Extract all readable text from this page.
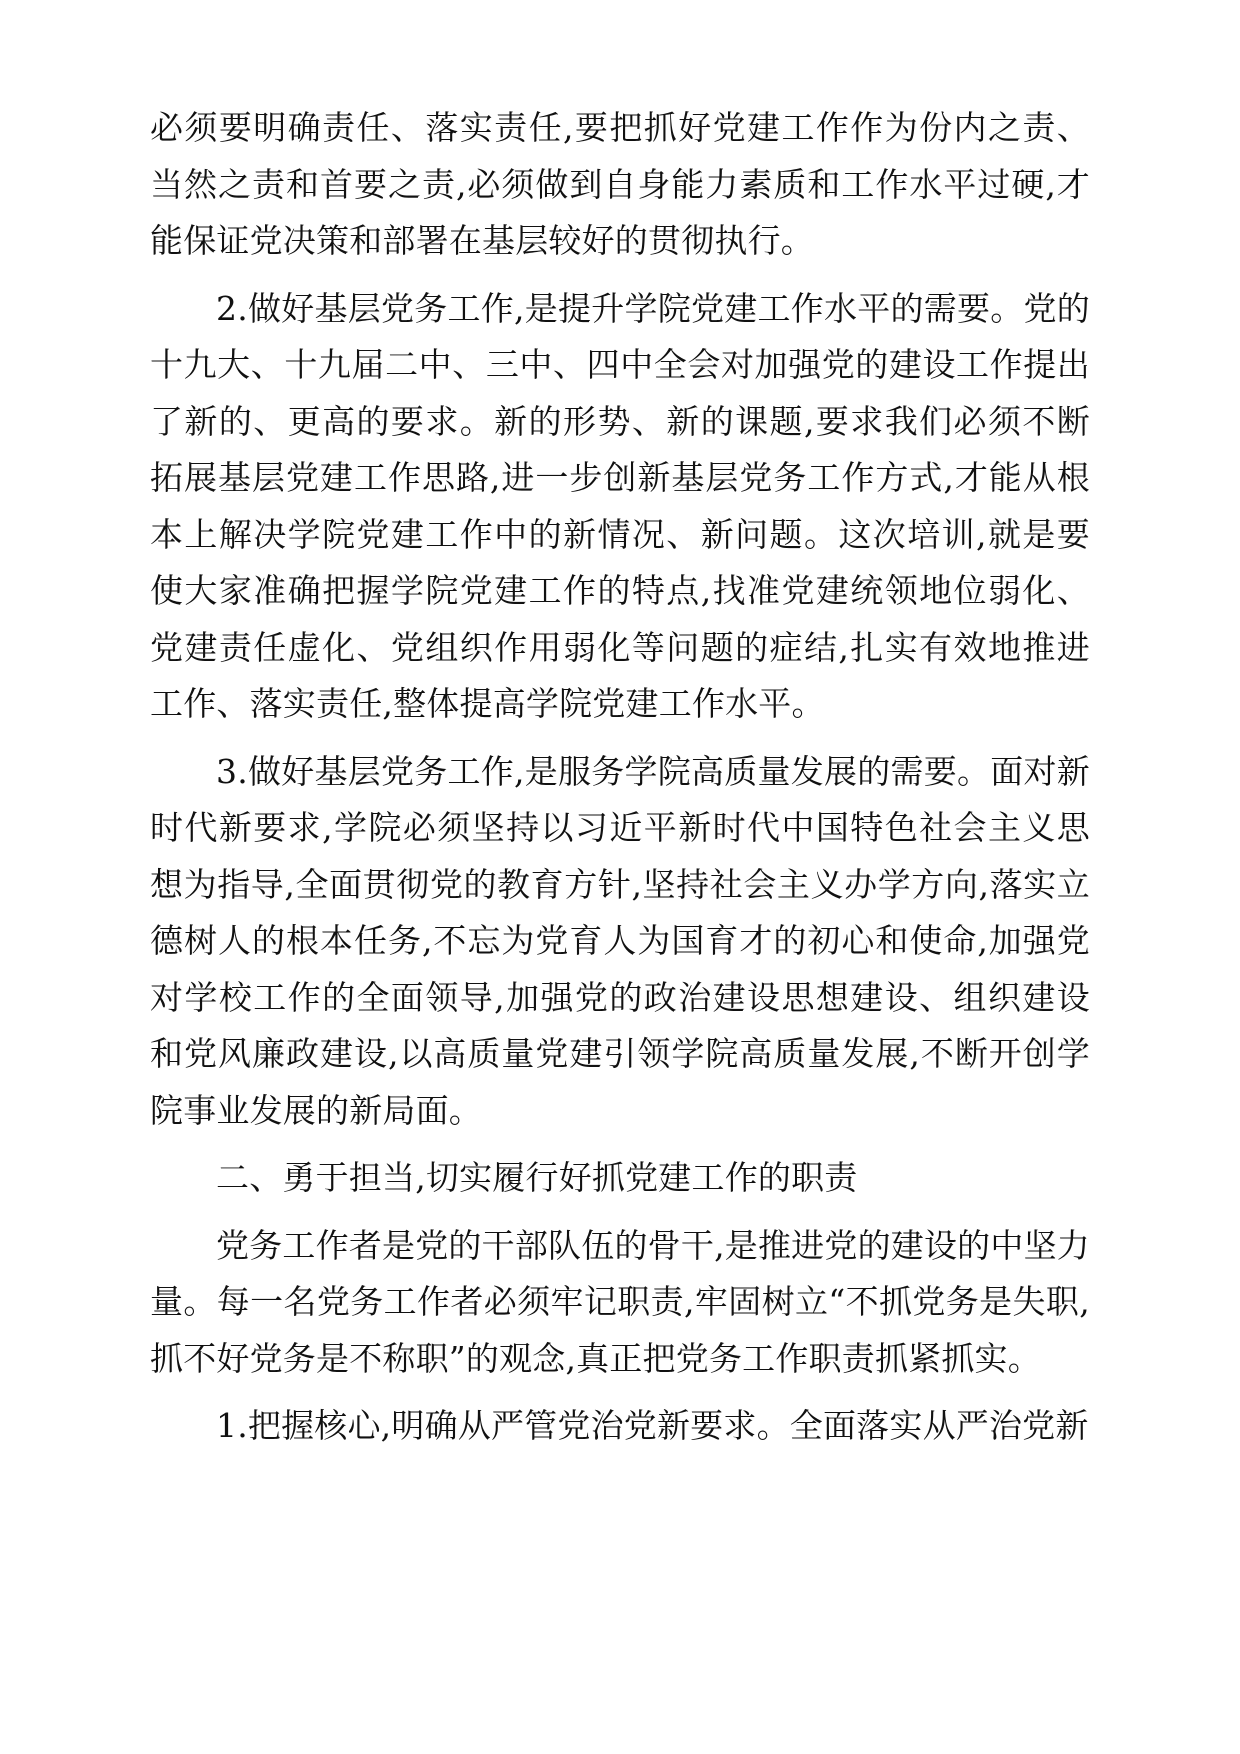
必须要明确责任、落实责任,要把抓好党建工作作为份内之责、当然之责和首要之责,必须做到自身能力素质和工作水平过硬,才能保证党决策和部署在基层较好的贯彻执行。

2.做好基层党务工作,是提升学院党建工作水平的需要。党的十九大、十九届二中、三中、四中全会对加强党的建设工作提出了新的、更高的要求。新的形势、新的课题,要求我们必须不断拓展基层党建工作思路,进一步创新基层党务工作方式,才能从根本上解决学院党建工作中的新情况、新问题。这次培训,就是要使大家准确把握学院党建工作的特点,找准党建统领地位弱化、党建责任虚化、党组织作用弱化等问题的症结,扎实有效地推进工作、落实责任,整体提高学院党建工作水平。

3.做好基层党务工作,是服务学院高质量发展的需要。面对新时代新要求,学院必须坚持以习近平新时代中国特色社会主义思想为指导,全面贯彻党的教育方针,坚持社会主义办学方向,落实立德树人的根本任务,不忘为党育人为国育才的初心和使命,加强党对学校工作的全面领导,加强党的政治建设思想建设、组织建设和党风廉政建设,以高质量党建引领学院高质量发展,不断开创学院事业发展的新局面。

二、勇于担当,切实履行好抓党建工作的职责

党务工作者是党的干部队伍的骨干,是推进党的建设的中坚力量。每一名党务工作者必须牢记职责,牢固树立“不抓党务是失职,抓不好党务是不称职”的观念,真正把党务工作职责抓紧抓实。

1.把握核心,明确从严管党治党新要求。全面落实从严治党新
